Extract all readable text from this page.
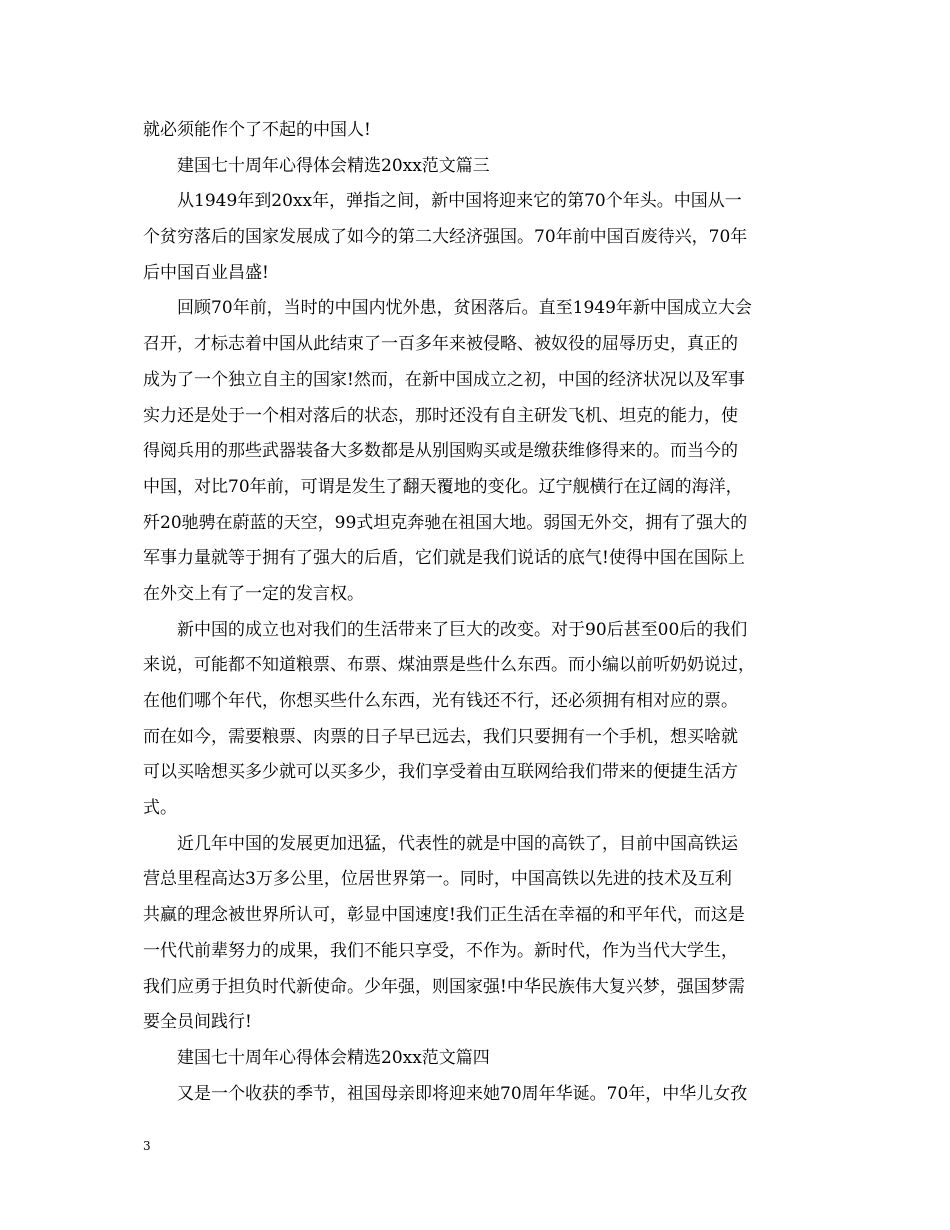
就必须能作个了不起的中国人!
建国七十周年心得体会精选20xx范文篇三
从1949年到20xx年，弹指之间，新中国将迎来它的第70个年头。中国从一
个贫穷落后的国家发展成了如今的第二大经济强国。70年前中国百废待兴，70年
后中国百业昌盛!
回顾70年前，当时的中国内忧外患，贫困落后。直至1949年新中国成立大会
召开，才标志着中国从此结束了一百多年来被侵略、被奴役的屈辱历史，真正的
成为了一个独立自主的国家!然而，在新中国成立之初，中国的经济状况以及军事
实力还是处于一个相对落后的状态，那时还没有自主研发飞机、坦克的能力，使
得阅兵用的那些武器装备大多数都是从别国购买或是缴获维修得来的。而当今的
中国，对比70年前，可谓是发生了翻天覆地的变化。辽宁舰横行在辽阔的海洋，
歼20驰骋在蔚蓝的天空，99式坦克奔驰在祖国大地。弱国无外交，拥有了强大的
军事力量就等于拥有了强大的后盾，它们就是我们说话的底气!使得中国在国际上
在外交上有了一定的发言权。
新中国的成立也对我们的生活带来了巨大的改变。对于90后甚至00后的我们
来说，可能都不知道粮票、布票、煤油票是些什么东西。而小编以前听奶奶说过，
在他们哪个年代，你想买些什么东西，光有钱还不行，还必须拥有相对应的票。
而在如今，需要粮票、肉票的日子早已远去，我们只要拥有一个手机，想买啥就
可以买啥想买多少就可以买多少，我们享受着由互联网给我们带来的便捷生活方
式。
近几年中国的发展更加迅猛，代表性的就是中国的高铁了，目前中国高铁运
营总里程高达3万多公里，位居世界第一。同时，中国高铁以先进的技术及互利
共赢的理念被世界所认可，彰显中国速度!我们正生活在幸福的和平年代，而这是
一代代前辈努力的成果，我们不能只享受，不作为。新时代，作为当代大学生，
我们应勇于担负时代新使命。少年强，则国家强!中华民族伟大复兴梦，强国梦需
要全员间践行!
建国七十周年心得体会精选20xx范文篇四
又是一个收获的季节，祖国母亲即将迎来她70周年华诞。70年，中华儿女孜
3
